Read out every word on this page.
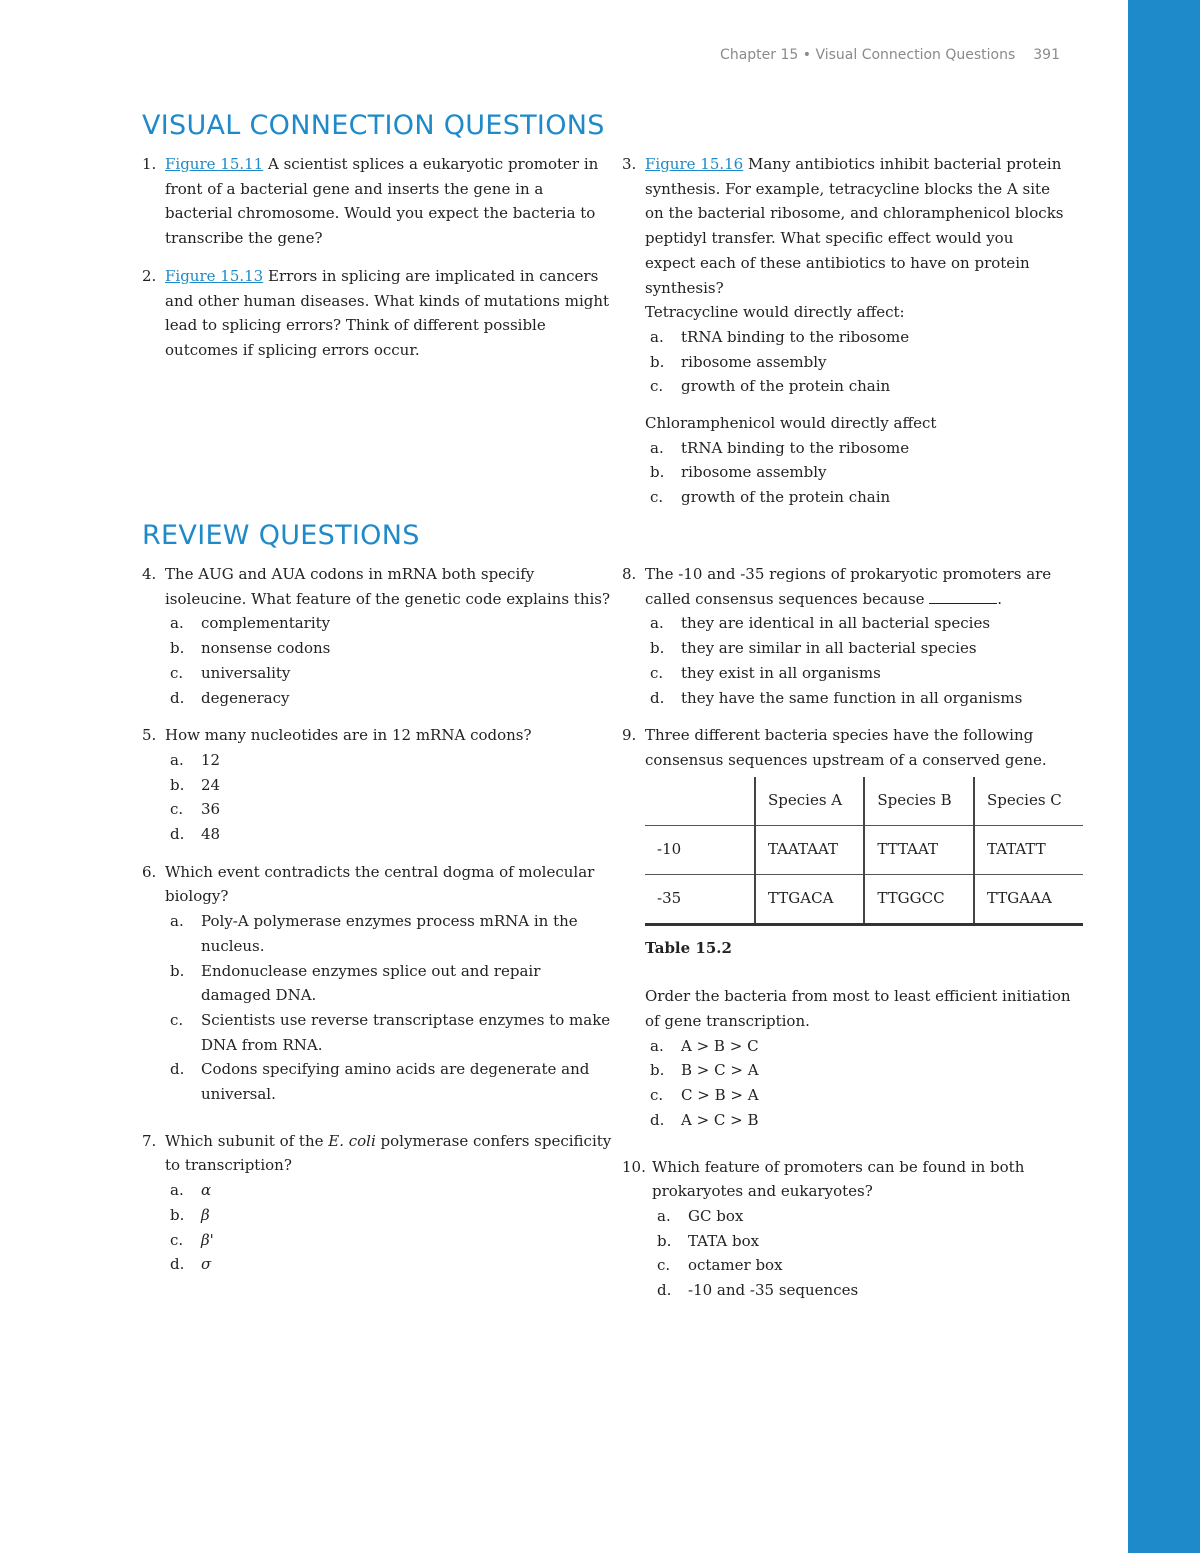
Chapter 15 • Visual Connection Questions 391
VISUAL CONNECTION QUESTIONS
1. Figure 15.11 A scientist splices a eukaryotic promoter in front of a bacterial gene and inserts the gene in a bacterial chromosome. Would you expect the bacteria to transcribe the gene?
2. Figure 15.13 Errors in splicing are implicated in cancers and other human diseases. What kinds of mutations might lead to splicing errors? Think of different possible outcomes if splicing errors occur.
3. Figure 15.16 Many antibiotics inhibit bacterial protein synthesis. For example, tetracycline blocks the A site on the bacterial ribosome, and chloramphenicol blocks peptidyl transfer. What specific effect would you expect each of these antibiotics to have on protein synthesis?
Tetracycline would directly affect:
a. tRNA binding to the ribosome
b. ribosome assembly
c. growth of the protein chain
Chloramphenicol would directly affect
a. tRNA binding to the ribosome
b. ribosome assembly
c. growth of the protein chain
REVIEW QUESTIONS
4. The AUG and AUA codons in mRNA both specify isoleucine. What feature of the genetic code explains this?
a. complementarity
b. nonsense codons
c. universality
d. degeneracy
5. How many nucleotides are in 12 mRNA codons?
a. 12
b. 24
c. 36
d. 48
6. Which event contradicts the central dogma of molecular biology?
a. Poly-A polymerase enzymes process mRNA in the nucleus.
b. Endonuclease enzymes splice out and repair damaged DNA.
c. Scientists use reverse transcriptase enzymes to make DNA from RNA.
d. Codons specifying amino acids are degenerate and universal.
7. Which subunit of the E. coli polymerase confers specificity to transcription?
a. α
b. β
c. β'
d. σ
8. The -10 and -35 regions of prokaryotic promoters are called consensus sequences because	.
a. they are identical in all bacterial species
b. they are similar in all bacterial species
c. they exist in all organisms
d. they have the same function in all organisms
9. Three different bacteria species have the following consensus sequences upstream of a conserved gene.
	Species A	Species B	Species C
-10	TAATAAT	TTTAAT	TATATT
-35	TTGACA	TTGGCC	TTGAAA
Table 15.2
Order the bacteria from most to least efficient initiation of gene transcription.
a. A > B > C
b. B > C > A
c. C > B > A
d. A > C > B
10. Which feature of promoters can be found in both prokaryotes and eukaryotes?
a. GC box
b. TATA box
c. octamer box
d. -10 and -35 sequences
